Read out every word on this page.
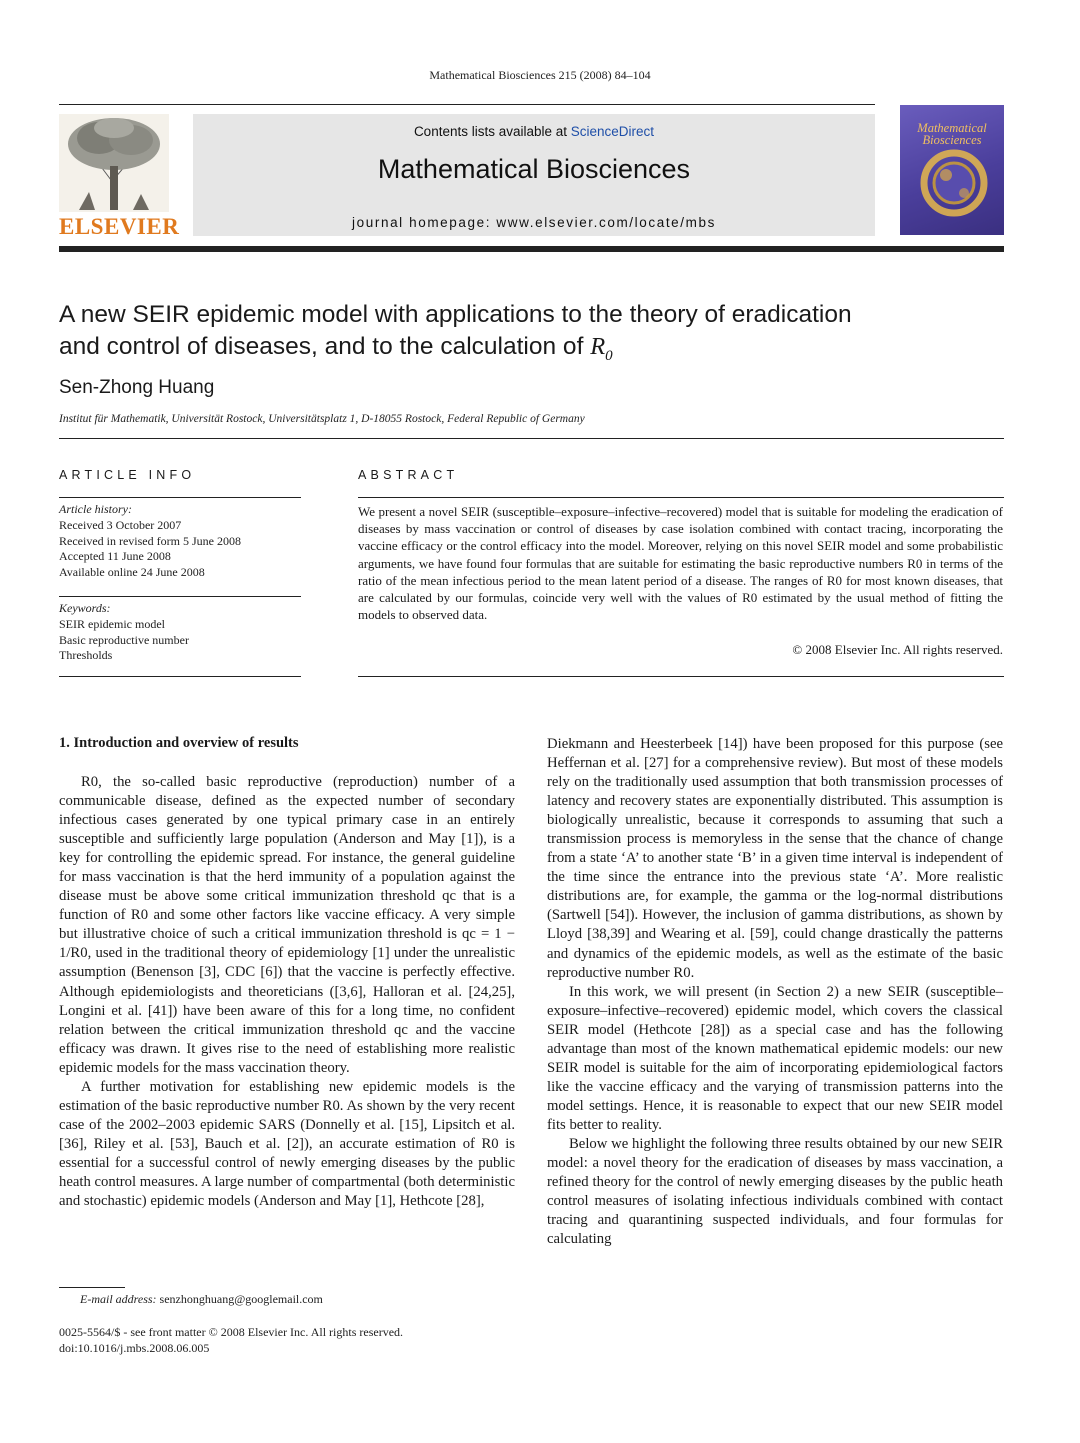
Mathematical Biosciences 215 (2008) 84–104
ELSEVIER
Contents lists available at ScienceDirect
Mathematical Biosciences
journal homepage: www.elsevier.com/locate/mbs
Mathematical
Biosciences
A new SEIR epidemic model with applications to the theory of eradication
and control of diseases, and to the calculation of $R_0$
Sen-Zhong Huang
Institut für Mathematik, Universität Rostock, Universitätsplatz 1, D-18055 Rostock, Federal Republic of Germany
ARTICLE INFO
Article history:
Received 3 October 2007
Received in revised form 5 June 2008
Accepted 11 June 2008
Available online 24 June 2008
Keywords:
SEIR epidemic model
Basic reproductive number
Thresholds
ABSTRACT
We present a novel SEIR (susceptible–exposure–infective–recovered) model that is suitable for modeling the eradication of diseases by mass vaccination or control of diseases by case isolation combined with contact tracing, incorporating the vaccine efficacy or the control efficacy into the model. Moreover, relying on this novel SEIR model and some probabilistic arguments, we have found four formulas that are suitable for estimating the basic reproductive numbers R0 in terms of the ratio of the mean infectious period to the mean latent period of a disease. The ranges of R0 for most known diseases, that are calculated by our formulas, coincide very well with the values of R0 estimated by the usual method of fitting the models to observed data.
© 2008 Elsevier Inc. All rights reserved.
1. Introduction and overview of results

R0, the so-called basic reproductive (reproduction) number of a communicable disease, defined as the expected number of secondary infectious cases generated by one typical primary case in an entirely susceptible and sufficiently large population (Anderson and May [1]), is a key for controlling the epidemic spread. For instance, the general guideline for mass vaccination is that the herd immunity of a population against the disease must be above some critical immunization threshold qc that is a function of R0 and some other factors like vaccine efficacy. A very simple but illustrative choice of such a critical immunization threshold is qc = 1 − 1/R0, used in the traditional theory of epidemiology [1] under the unrealistic assumption (Benenson [3], CDC [6]) that the vaccine is perfectly effective. Although epidemiologists and theoreticians ([3,6], Halloran et al. [24,25], Longini et al. [41]) have been aware of this for a long time, no confident relation between the critical immunization threshold qc and the vaccine efficacy was drawn. It gives rise to the need of establishing more realistic epidemic models for the mass vaccination theory.

A further motivation for establishing new epidemic models is the estimation of the basic reproductive number R0. As shown by the very recent case of the 2002–2003 epidemic SARS (Donnelly et al. [15], Lipsitch et al. [36], Riley et al. [53], Bauch et al. [2]), an accurate estimation of R0 is essential for a successful control of newly emerging diseases by the public heath control measures. A large number of compartmental (both deterministic and stochastic) epidemic models (Anderson and May [1], Hethcote [28],

Diekmann and Heesterbeek [14]) have been proposed for this purpose (see Heffernan et al. [27] for a comprehensive review). But most of these models rely on the traditionally used assumption that both transmission processes of latency and recovery states are exponentially distributed. This assumption is biologically unrealistic, because it corresponds to assuming that such a transmission process is memoryless in the sense that the chance of change from a state ‘A’ to another state ‘B’ in a given time interval is independent of the time since the entrance into the previous state ‘A’. More realistic distributions are, for example, the gamma or the log-normal distributions (Sartwell [54]). However, the inclusion of gamma distributions, as shown by Lloyd [38,39] and Wearing et al. [59], could change drastically the patterns and dynamics of the epidemic models, as well as the estimate of the basic reproductive number R0.

In this work, we will present (in Section 2) a new SEIR (susceptible–exposure–infective–recovered) epidemic model, which covers the classical SEIR model (Hethcote [28]) as a special case and has the following advantage than most of the known mathematical epidemic models: our new SEIR model is suitable for the aim of incorporating epidemiological factors like the vaccine efficacy and the varying of transmission patterns into the model settings. Hence, it is reasonable to expect that our new SEIR model fits better to reality.

Below we highlight the following three results obtained by our new SEIR model: a novel theory for the eradication of diseases by mass vaccination, a refined theory for the control of newly emerging diseases by the public heath control measures of isolating infectious individuals combined with contact tracing and quarantining suspected individuals, and four formulas for calculating

E-mail address: senzhonghuang@googlemail.com
0025-5564/$ - see front matter © 2008 Elsevier Inc. All rights reserved.
doi:10.1016/j.mbs.2008.06.005
